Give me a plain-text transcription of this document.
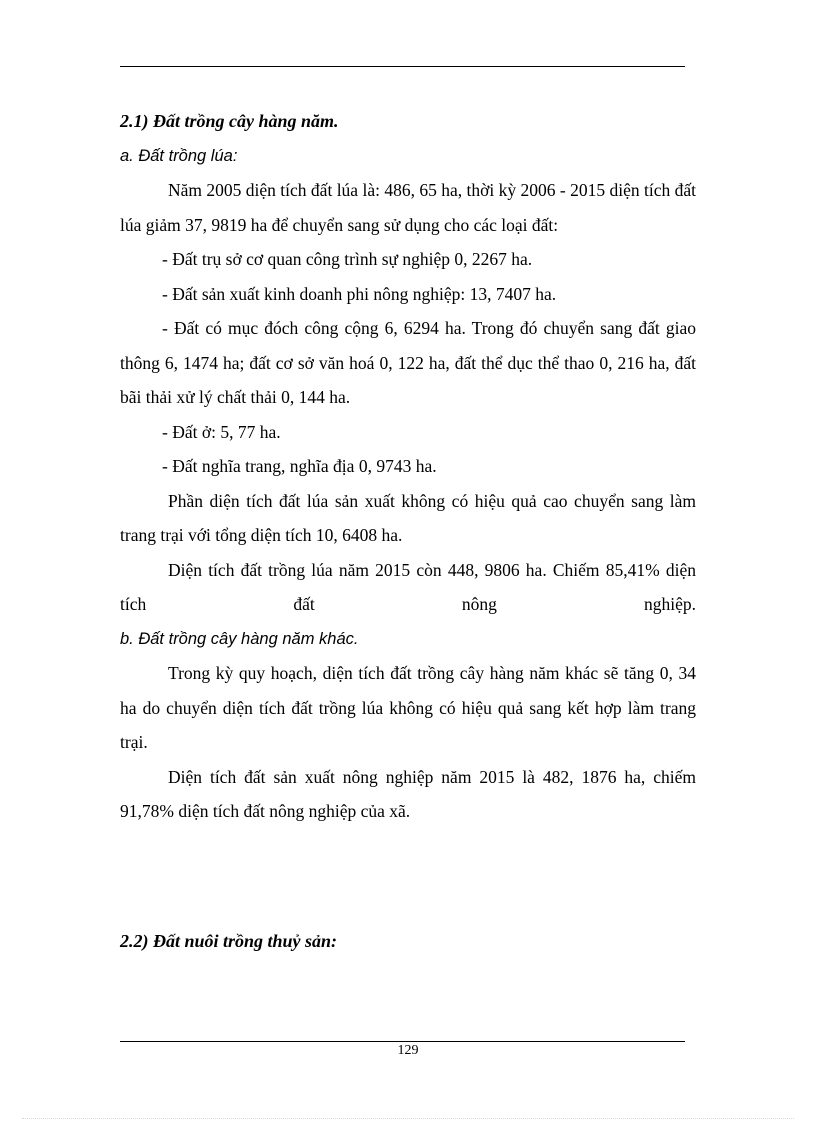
2.1) Đất trồng cây hàng năm.

a. Đất trồng lúa:

Năm 2005 diện tích đất lúa là: 486, 65 ha, thời kỳ 2006 - 2015 diện tích đất lúa giảm 37, 9819 ha để chuyển sang sử dụng cho các loại đất:

- Đất trụ sở cơ quan công trình sự nghiệp 0, 2267 ha.

- Đất sản xuất kinh doanh phi nông nghiệp: 13, 7407 ha.

- Đất có mục đóch công cộng 6, 6294 ha. Trong đó chuyển sang đất giao thông 6, 1474 ha; đất cơ sở văn hoá 0, 122 ha, đất thể dục thể thao 0, 216 ha, đất bãi thải xử lý chất thải 0, 144 ha.

- Đất ở: 5, 77 ha.

- Đất nghĩa trang, nghĩa địa 0, 9743 ha.

Phần diện tích đất lúa sản xuất không có hiệu quả cao chuyển sang làm trang trại với tổng diện tích 10, 6408 ha.

Diện tích đất trồng lúa năm 2015 còn 448, 9806 ha. Chiếm 85,41% diện tích đất nông nghiệp.

b. Đất trồng cây hàng năm khác.

Trong kỳ quy hoạch, diện tích đất trồng cây hàng năm khác sẽ tăng 0, 34 ha do chuyển diện tích đất trồng lúa không có hiệu quả sang kết hợp làm trang trại.

Diện tích đất sản xuất nông nghiệp năm 2015 là 482, 1876 ha, chiếm 91,78% diện tích đất nông nghiệp của xã.

2.2) Đất nuôi trồng thuỷ sản:

129
